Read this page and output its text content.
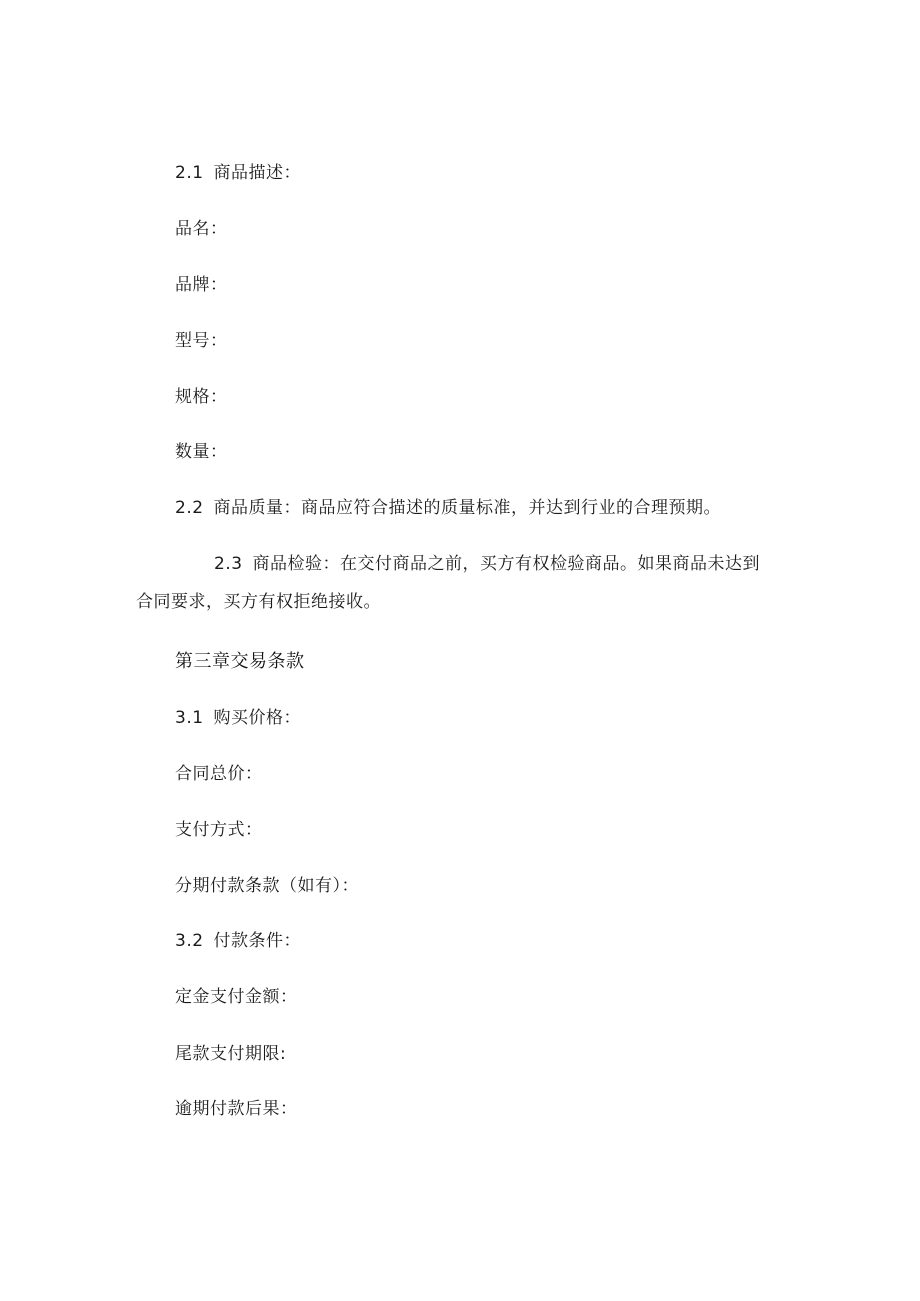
2.1 商品描述：
品名：
品牌：
型号：
规格：
数量：
2.2 商品质量：商品应符合描述的质量标准，并达到行业的合理预期。
2.3 商品检验：在交付商品之前，买方有权检验商品。如果商品未达到合同要求，买方有权拒绝接收。
第三章交易条款
3.1 购买价格：
合同总价：
支付方式：
分期付款条款（如有）：
3.2 付款条件：
定金支付金额：
尾款支付期限:
逾期付款后果：
